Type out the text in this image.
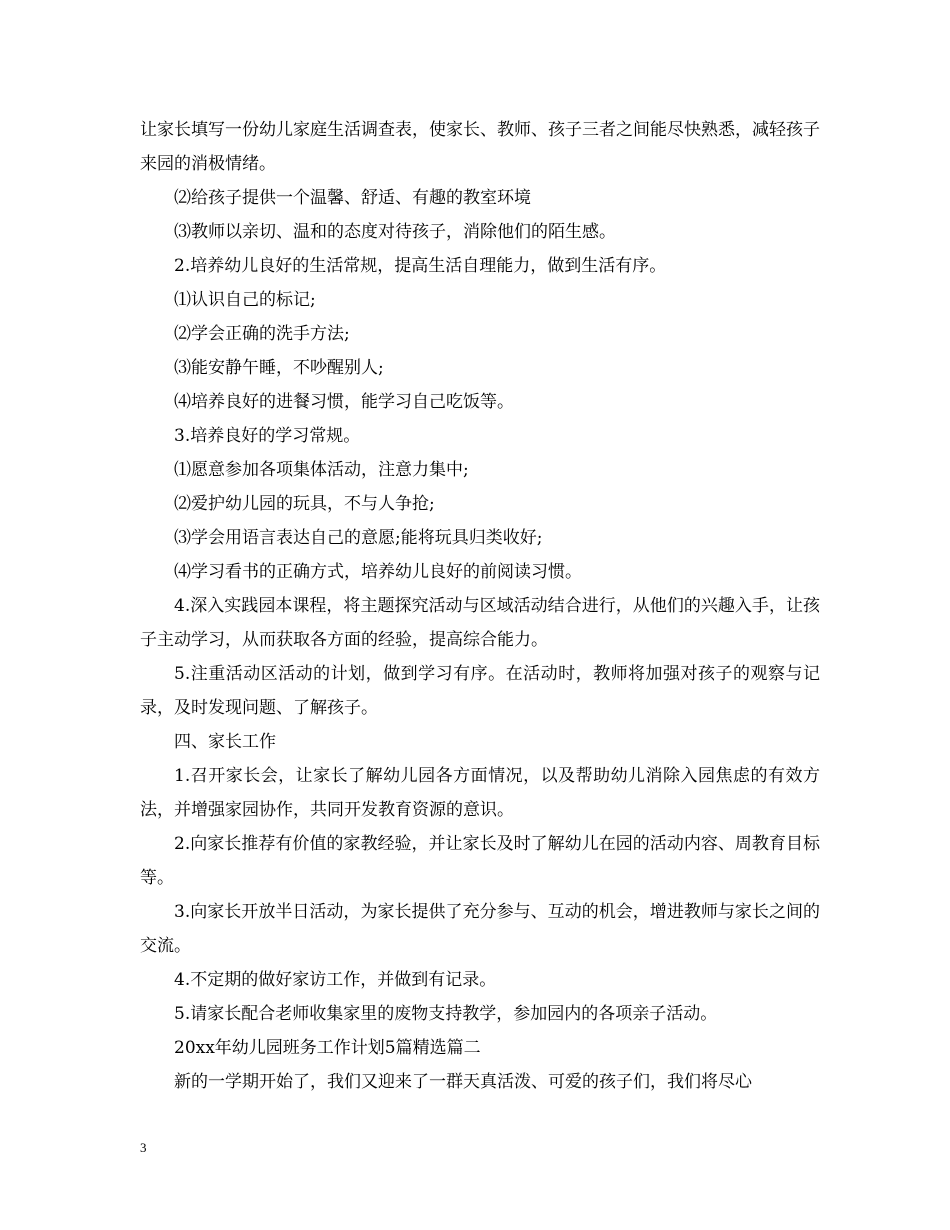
让家长填写一份幼儿家庭生活调查表，使家长、教师、孩子三者之间能尽快熟悉，减轻孩子来园的消极情绪。

⑵给孩子提供一个温馨、舒适、有趣的教室环境

⑶教师以亲切、温和的态度对待孩子，消除他们的陌生感。

2.培养幼儿良好的生活常规，提高生活自理能力，做到生活有序。

⑴认识自己的标记;

⑵学会正确的洗手方法;

⑶能安静午睡，不吵醒别人;

⑷培养良好的进餐习惯，能学习自己吃饭等。

3.培养良好的学习常规。

⑴愿意参加各项集体活动，注意力集中;

⑵爱护幼儿园的玩具，不与人争抢;

⑶学会用语言表达自己的意愿;能将玩具归类收好;

⑷学习看书的正确方式，培养幼儿良好的前阅读习惯。

4.深入实践园本课程，将主题探究活动与区域活动结合进行，从他们的兴趣入手，让孩子主动学习，从而获取各方面的经验，提高综合能力。

5.注重活动区活动的计划，做到学习有序。在活动时，教师将加强对孩子的观察与记录，及时发现问题、了解孩子。

四、家长工作

1.召开家长会，让家长了解幼儿园各方面情况，以及帮助幼儿消除入园焦虑的有效方法，并增强家园协作，共同开发教育资源的意识。

2.向家长推荐有价值的家教经验，并让家长及时了解幼儿在园的活动内容、周教育目标等。

3.向家长开放半日活动，为家长提供了充分参与、互动的机会，增进教师与家长之间的交流。

4.不定期的做好家访工作，并做到有记录。

5.请家长配合老师收集家里的废物支持教学，参加园内的各项亲子活动。

20xx年幼儿园班务工作计划5篇精选篇二

新的一学期开始了，我们又迎来了一群天真活泼、可爱的孩子们，我们将尽心

3
